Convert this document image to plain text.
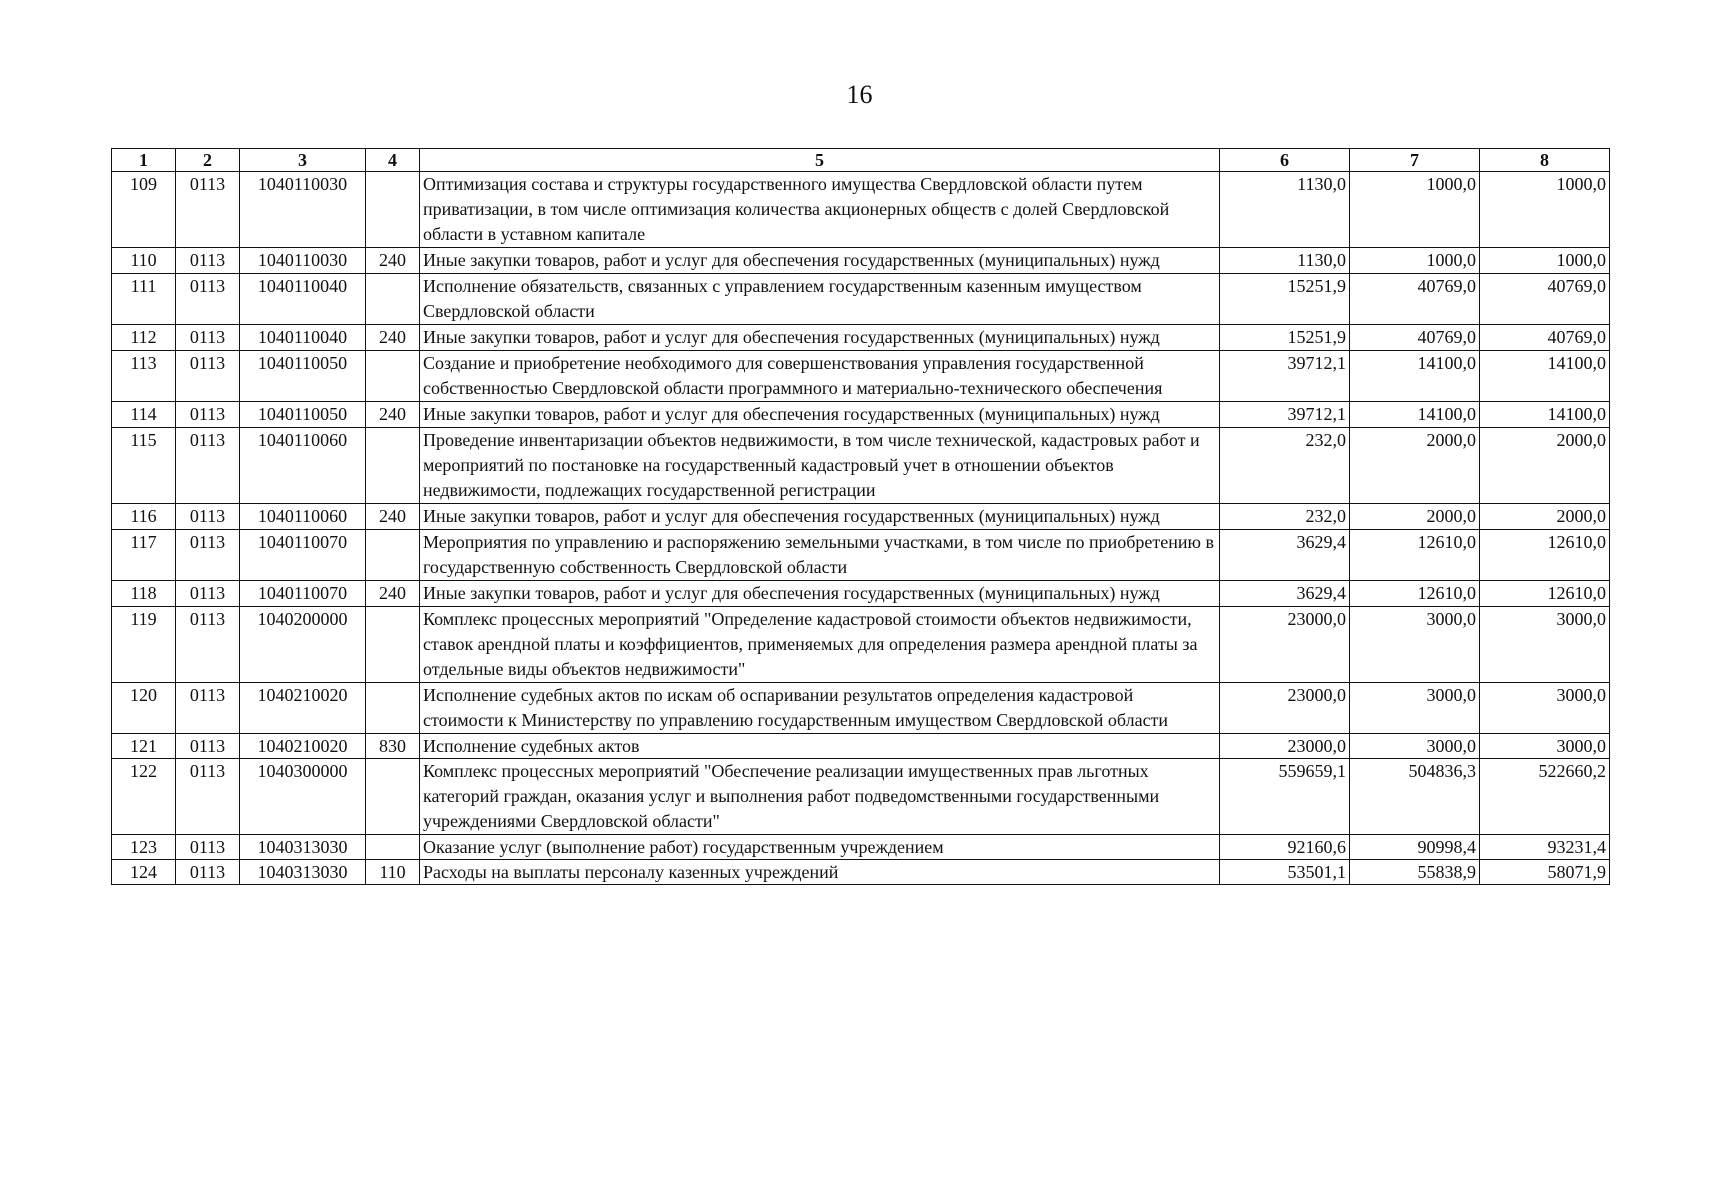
16
1	2	3	4	5	6	7	8
109	0113	1040110030		Оптимизация состава и структуры государственного имущества Свердловской области путем приватизации, в том числе оптимизация количества акционерных обществ с долей Свердловской области в уставном капитале	1130,0	1000,0	1000,0
110	0113	1040110030	240	Иные закупки товаров, работ и услуг для обеспечения государственных (муниципальных) нужд	1130,0	1000,0	1000,0
111	0113	1040110040		Исполнение обязательств, связанных с управлением государственным казенным имуществом Свердловской области	15251,9	40769,0	40769,0
112	0113	1040110040	240	Иные закупки товаров, работ и услуг для обеспечения государственных (муниципальных) нужд	15251,9	40769,0	40769,0
113	0113	1040110050		Создание и приобретение необходимого для совершенствования управления государственной собственностью Свердловской области программного и материально-технического обеспечения	39712,1	14100,0	14100,0
114	0113	1040110050	240	Иные закупки товаров, работ и услуг для обеспечения государственных (муниципальных) нужд	39712,1	14100,0	14100,0
115	0113	1040110060		Проведение инвентаризации объектов недвижимости, в том числе технической, кадастровых работ и мероприятий по постановке на государственный кадастровый учет в отношении объектов недвижимости, подлежащих государственной регистрации	232,0	2000,0	2000,0
116	0113	1040110060	240	Иные закупки товаров, работ и услуг для обеспечения государственных (муниципальных) нужд	232,0	2000,0	2000,0
117	0113	1040110070		Мероприятия по управлению и распоряжению земельными участками, в том числе по приобретению в государственную собственность Свердловской области	3629,4	12610,0	12610,0
118	0113	1040110070	240	Иные закупки товаров, работ и услуг для обеспечения государственных (муниципальных) нужд	3629,4	12610,0	12610,0
119	0113	1040200000		Комплекс процессных мероприятий "Определение кадастровой стоимости объектов недвижимости, ставок арендной платы и коэффициентов, применяемых для определения размера арендной платы за отдельные виды объектов недвижимости"	23000,0	3000,0	3000,0
120	0113	1040210020		Исполнение судебных актов по искам об оспаривании результатов определения кадастровой стоимости к Министерству по управлению государственным имуществом Свердловской области	23000,0	3000,0	3000,0
121	0113	1040210020	830	Исполнение судебных актов	23000,0	3000,0	3000,0
122	0113	1040300000		Комплекс процессных мероприятий "Обеспечение реализации имущественных прав льготных категорий граждан, оказания услуг и выполнения работ подведомственными государственными учреждениями Свердловской области"	559659,1	504836,3	522660,2
123	0113	1040313030		Оказание услуг (выполнение работ) государственным учреждением	92160,6	90998,4	93231,4
124	0113	1040313030	110	Расходы на выплаты персоналу казенных учреждений	53501,1	55838,9	58071,9
